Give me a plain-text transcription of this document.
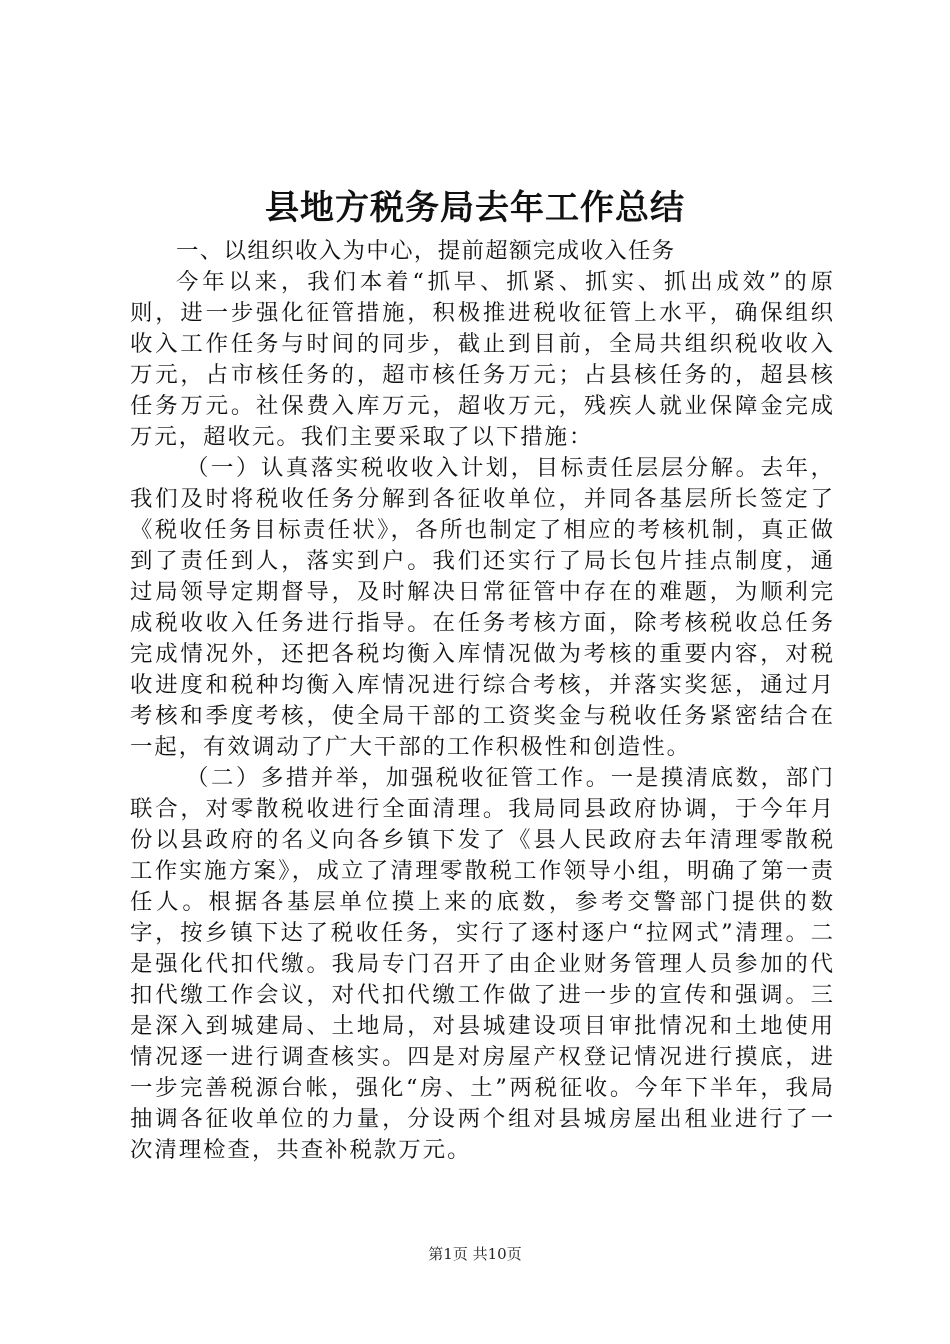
县地方税务局去年工作总结

一、以组织收入为中心，提前超额完成收入任务

今年以来，我们本着“抓早、抓紧、抓实、抓出成效”的原则，进一步强化征管措施，积极推进税收征管上水平，确保组织收入工作任务与时间的同步，截止到目前，全局共组织税收收入万元，占市核任务的，超市核任务万元；占县核任务的，超县核任务万元。社保费入库万元，超收万元，残疾人就业保障金完成万元，超收元。我们主要采取了以下措施：

（一）认真落实税收收入计划，目标责任层层分解。去年，我们及时将税收任务分解到各征收单位，并同各基层所长签定了《税收任务目标责任状》，各所也制定了相应的考核机制，真正做到了责任到人，落实到户。我们还实行了局长包片挂点制度，通过局领导定期督导，及时解决日常征管中存在的难题，为顺利完成税收收入任务进行指导。在任务考核方面，除考核税收总任务完成情况外，还把各税均衡入库情况做为考核的重要内容，对税收进度和税种均衡入库情况进行综合考核，并落实奖惩，通过月考核和季度考核，使全局干部的工资奖金与税收任务紧密结合在一起，有效调动了广大干部的工作积极性和创造性。

（二）多措并举，加强税收征管工作。一是摸清底数，部门联合，对零散税收进行全面清理。我局同县政府协调，于今年月份以县政府的名义向各乡镇下发了《县人民政府去年清理零散税工作实施方案》，成立了清理零散税工作领导小组，明确了第一责任人。根据各基层单位摸上来的底数，参考交警部门提供的数字，按乡镇下达了税收任务，实行了逐村逐户“拉网式”清理。二是强化代扣代缴。我局专门召开了由企业财务管理人员参加的代扣代缴工作会议，对代扣代缴工作做了进一步的宣传和强调。三是深入到城建局、土地局，对县城建设项目审批情况和土地使用情况逐一进行调查核实。四是对房屋产权登记情况进行摸底，进一步完善税源台帐，强化“房、土”两税征收。今年下半年，我局抽调各征收单位的力量，分设两个组对县城房屋出租业进行了一次清理检查，共查补税款万元。

第1页 共10页
